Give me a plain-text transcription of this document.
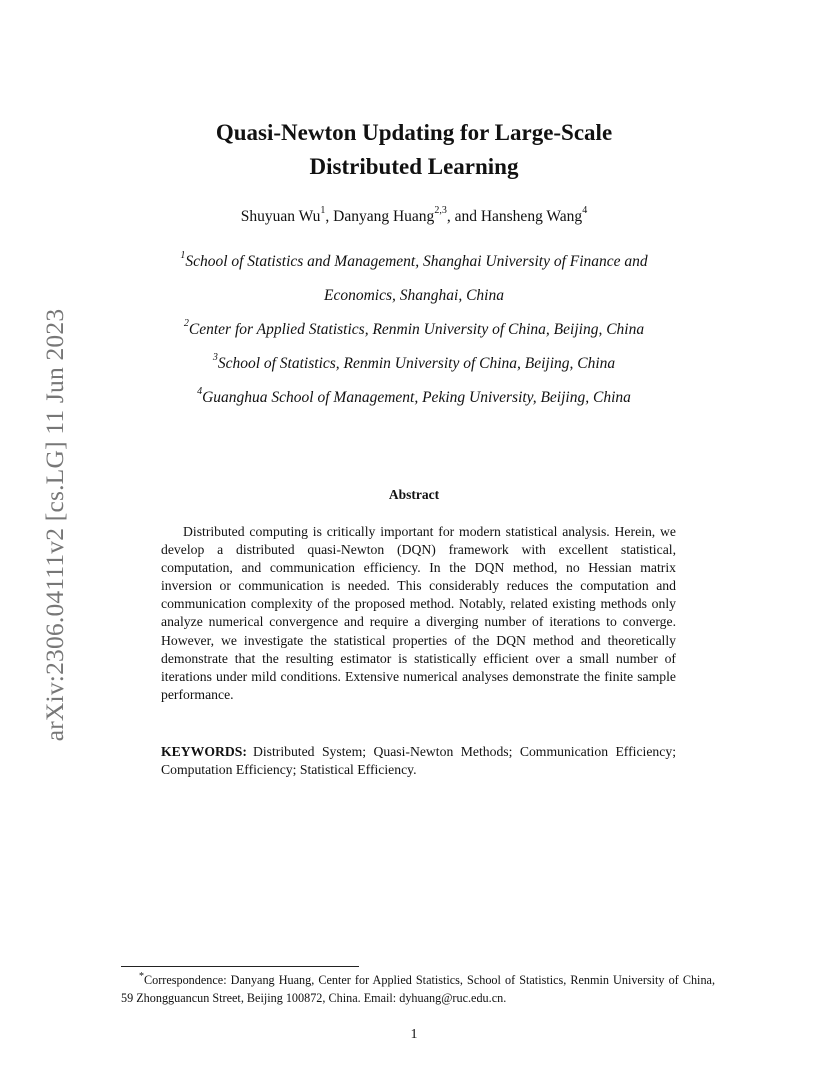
arXiv:2306.04111v2 [cs.LG] 11 Jun 2023
Quasi-Newton Updating for Large-Scale
Distributed Learning
Shuyuan Wu$^1$, Danyang Huang$^{2,3}$, and Hansheng Wang$^4$
$^1$School of Statistics and Management, Shanghai University of Finance and
Economics, Shanghai, China
$^2$Center for Applied Statistics, Renmin University of China, Beijing, China
$^3$School of Statistics, Renmin University of China, Beijing, China
$^4$Guanghua School of Management, Peking University, Beijing, China
Abstract
Distributed computing is critically important for modern statistical analysis. Herein, we develop a distributed quasi-Newton (DQN) framework with excellent statistical, computation, and communication efficiency. In the DQN method, no Hessian matrix inversion or communication is needed. This considerably reduces the computation and communication complexity of the proposed method. Notably, related existing methods only analyze numerical convergence and require a diverging number of iterations to converge. However, we investigate the statistical properties of the DQN method and theoretically demonstrate that the resulting estimator is statistically efficient over a small number of iterations under mild conditions. Extensive numerical analyses demonstrate the finite sample performance.
KEYWORDS: Distributed System; Quasi-Newton Methods; Communication Efficiency; Computation Efficiency; Statistical Efficiency.
*Correspondence: Danyang Huang, Center for Applied Statistics, School of Statistics, Renmin University of China, 59 Zhongguancun Street, Beijing 100872, China. Email: dyhuang@ruc.edu.cn.
1
